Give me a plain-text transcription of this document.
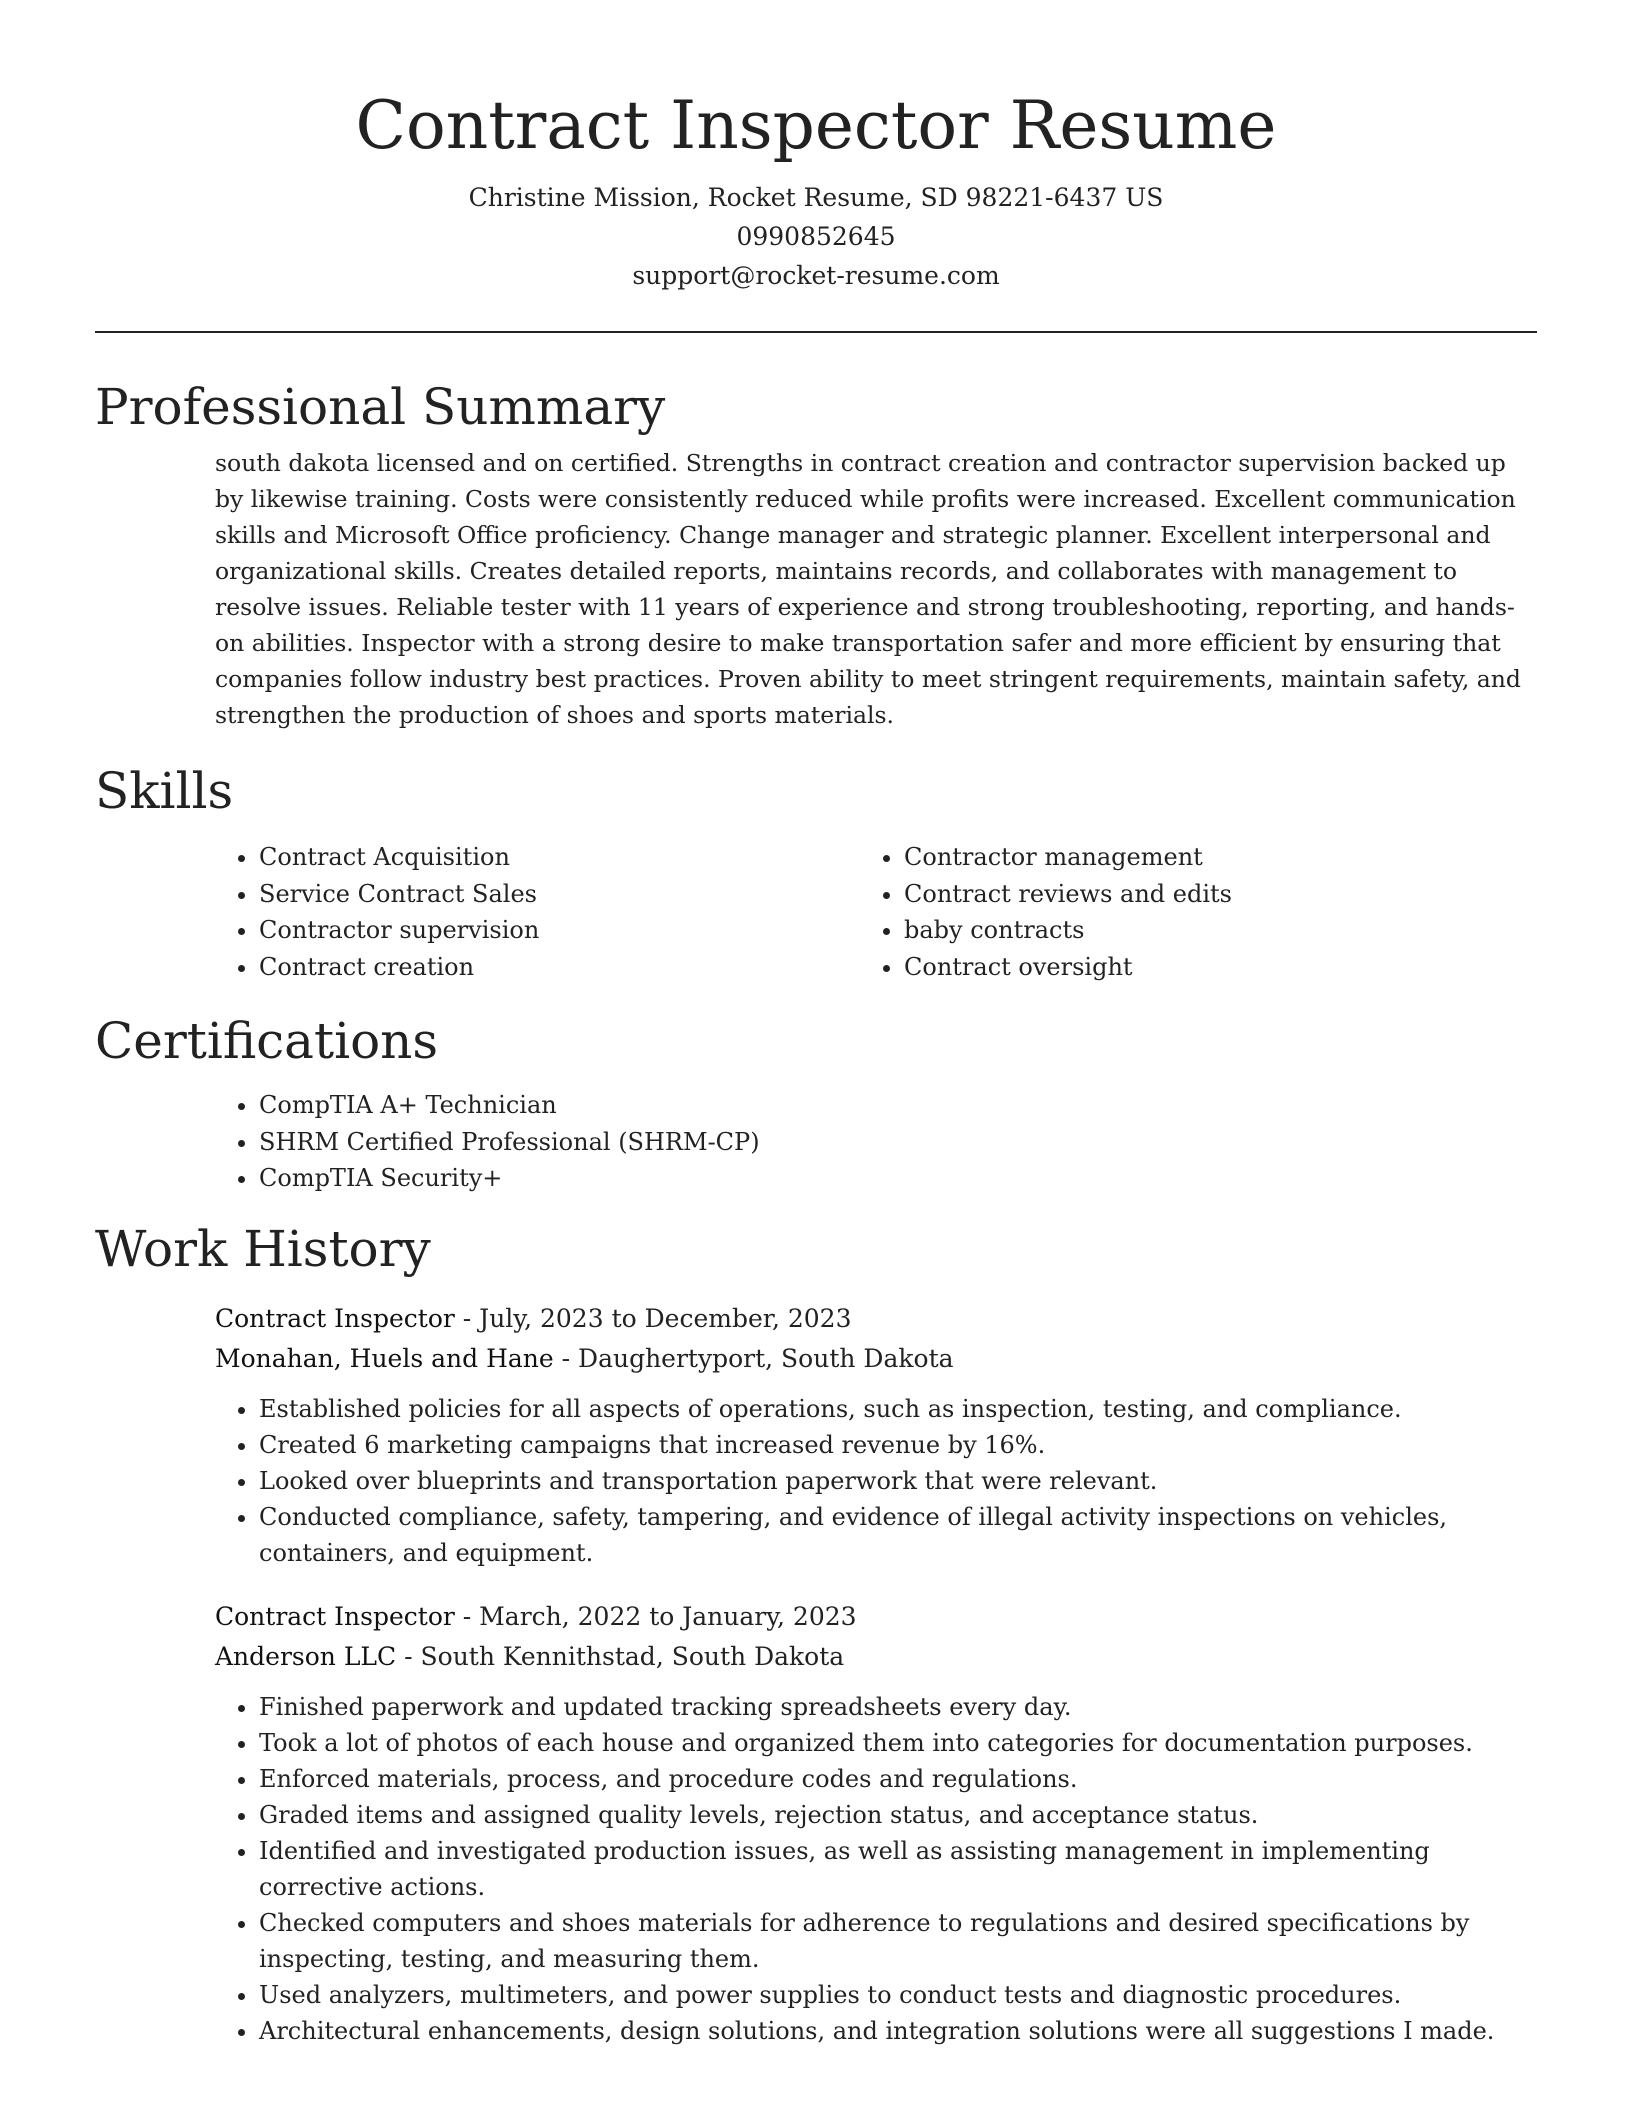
Contract Inspector Resume

Christine Mission, Rocket Resume, SD 98221-6437 US

0990852645

support@rocket-resume.com

Professional Summary

south dakota licensed and on certified. Strengths in contract creation and contractor supervision backed up by likewise training. Costs were consistently reduced while profits were increased. Excellent communication skills and Microsoft Office proficiency. Change manager and strategic planner. Excellent interpersonal and organizational skills. Creates detailed reports, maintains records, and collaborates with management to resolve issues. Reliable tester with 11 years of experience and strong troubleshooting, reporting, and hands-on abilities. Inspector with a strong desire to make transportation safer and more efficient by ensuring that companies follow industry best practices. Proven ability to meet stringent requirements, maintain safety, and strengthen the production of shoes and sports materials.

Skills
• Contract Acquisition
• Service Contract Sales
• Contractor supervision
• Contract creation
• Contractor management
• Contract reviews and edits
• baby contracts
• Contract oversight
Certifications
• CompTIA A+ Technician
• SHRM Certified Professional (SHRM-CP)
• CompTIA Security+
Work History

Contract Inspector - July, 2023 to December, 2023

Monahan, Huels and Hane - Daughertyport, South Dakota

• Established policies for all aspects of operations, such as inspection, testing, and compliance.
• Created 6 marketing campaigns that increased revenue by 16%.
• Looked over blueprints and transportation paperwork that were relevant.
• Conducted compliance, safety, tampering, and evidence of illegal activity inspections on vehicles, containers, and equipment.

Contract Inspector - March, 2022 to January, 2023

Anderson LLC - South Kennithstad, South Dakota

• Finished paperwork and updated tracking spreadsheets every day.
• Took a lot of photos of each house and organized them into categories for documentation purposes.
• Enforced materials, process, and procedure codes and regulations.
• Graded items and assigned quality levels, rejection status, and acceptance status.
• Identified and investigated production issues, as well as assisting management in implementing corrective actions.
• Checked computers and shoes materials for adherence to regulations and desired specifications by inspecting, testing, and measuring them.
• Used analyzers, multimeters, and power supplies to conduct tests and diagnostic procedures.
• Architectural enhancements, design solutions, and integration solutions were all suggestions I made.
